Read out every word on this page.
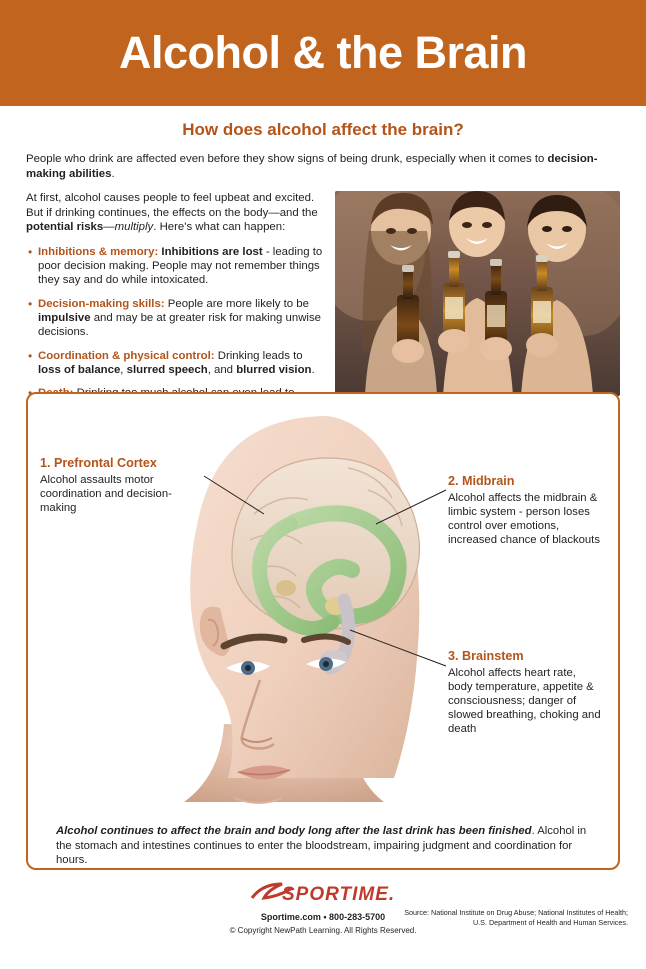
Alcohol & the Brain
How does alcohol affect the brain?

People who drink are affected even before they show signs of being drunk, especially when it comes to decision-making abilities.

At first, alcohol causes people to feel upbeat and excited. But if drinking continues, the effects on the body—and the potential risks—multiply. Here's what can happen:

• Inhibitions & memory: Inhibitions are lost - leading to poor decision making. People may not remember things they say and do while intoxicated.
• Decision-making skills: People are more likely to be impulsive and may be at greater risk for making unwise decisions.
• Coordination & physical control: Drinking leads to loss of balance, slurred speech, and blurred vision.
•
1. Prefrontal Cortex
Alcohol assaults motor coordination and decision-making
2. Midbrain
Alcohol affects the midbrain & limbic system - person loses control over emotions, increased chance of blackouts
3. Brainstem
Alcohol affects heart rate, body temperature, appetite & consciousness; danger of slowed breathing, choking and death
Alcohol continues to affect the brain and body long after the last drink has been finished. Alcohol in the stomach and intestines continues to enter the bloodstream, impairing judgment and coordination for hours.
SPORTIME.
Sportime.com • 800-283-5700
© Copyright NewPath Learning. All Rights Reserved.
Source: National Institute on Drug Abuse; National Institutes of Health; U.S. Department of Health and Human Services.
